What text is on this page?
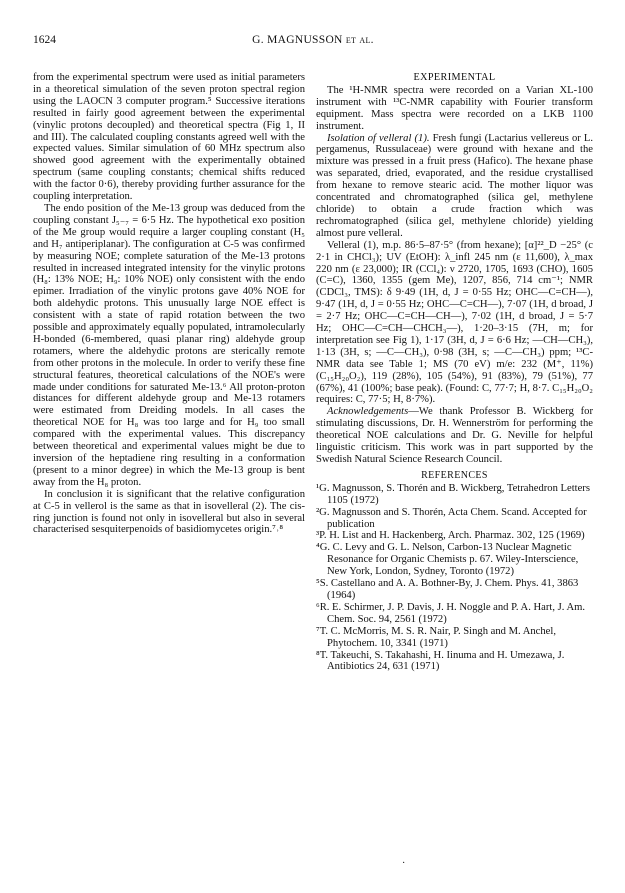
1624	G. MAGNUSSON et al.

from the experimental spectrum were used as initial parameters in a theoretical simulation of the seven proton spectral region using the LAOCN 3 computer program.⁵ Successive iterations resulted in fairly good agreement between the experimental (vinylic protons decoupled) and theoretical spectra (Fig 1, II and III). The calculated coupling constants agreed well with the expected values. Similar simulation of 60 MHz spectrum also showed good agreement with the experimentally obtained spectrum (same coupling constants; chemical shifts reduced with the factor 0·6), thereby providing further assurance for the coupling interpretation.

The endo position of the Me-13 group was deduced from the coupling constant J₅₋₇ = 6·5 Hz. The hypothetical exo position of the Me group would require a larger coupling constant (H₅ and H₇ antiperiplanar). The configuration at C-5 was confirmed by measuring NOE; complete saturation of the Me-13 protons resulted in increased integrated intensity for the vinylic protons (H₈: 13% NOE; H₉: 10% NOE) only consistent with the endo epimer. Irradiation of the vinylic protons gave 40% NOE for both aldehydic protons. This unusually large NOE effect is consistent with a state of rapid rotation between the two possible and approximately equally populated, intramolecularly H-bonded (6-membered, quasi planar ring) aldehyde group rotamers, where the aldehydic protons are sterically remote from other protons in the molecule. In order to verify these fine structural features, theoretical calculations of the NOE's were made under conditions for saturated Me-13.⁶ All proton-proton distances for different aldehyde group and Me-13 rotamers were estimated from Dreiding models. In all cases the theoretical NOE for H₈ was too large and for H₉ too small compared with the experimental values. This discrepancy between theoretical and experimental values might be due to inversion of the heptadiene ring resulting in a conformation (present to a minor degree) in which the Me-13 group is bent away from the H₈ proton.

In conclusion it is significant that the relative configuration at C-5 in vellerol is the same as that in isovelleral (2). The cis-ring junction is found not only in isovelleral but also in several characterised sesquiterpenoids of basidiomycetes origin.⁷˒⁸

EXPERIMENTAL

The ¹H-NMR spectra were recorded on a Varian XL-100 instrument with ¹³C-NMR capability with Fourier transform equipment. Mass spectra were recorded on a LKB 1100 instrument.

Isolation of velleral (1). Fresh fungi (Lactarius vellereus or L. pergamenus, Russulaceae) were ground with hexane and the mixture was pressed in a fruit press (Hafico). The hexane phase was separated, dried, evaporated, and the residue crystallised from hexane to remove stearic acid. The mother liquor was concentrated and chromatographed (silica gel, methylene chloride) to obtain a crude fraction which was rechromatographed (silica gel, methylene chloride) yielding almost pure velleral.

Velleral (1), m.p. 86·5–87·5° (from hexane); [α]²²_D −25° (c 2·1 in CHCl₃); UV (EtOH): λ_infl 245 nm (ε 11,600), λ_max 220 nm (ε 23,000); IR (CCl₄): ν 2720, 1705, 1693 (CHO), 1605 (C=C), 1360, 1355 (gem Me), 1207, 856, 714 cm⁻¹; NMR (CDCl₃, TMS): δ 9·49 (1H, d, J = 0·55 Hz; OHC—C=CH—), 9·47 (1H, d, J = 0·55 Hz; OHC—C=CH—), 7·07 (1H, d broad, J = 2·7 Hz; OHC—C=CH—CH—), 7·02 (1H, d broad, J = 5·7 Hz; OHC—C=CH—CHCH₃—), 1·20–3·15 (7H, m; for interpretation see Fig 1), 1·17 (3H, d, J = 6·6 Hz; —CH—CH₃), 1·13 (3H, s; —C—CH₃), 0·98 (3H, s; —C—CH₃) ppm; ¹³C-NMR data see Table 1; MS (70 eV) m/e: 232 (M⁺, 11%) (C₁₅H₂₀O₂), 119 (28%), 105 (54%), 91 (83%), 79 (51%), 77 (67%), 41 (100%; base peak). (Found: C, 77·7; H, 8·7. C₁₅H₂₀O₂ requires: C, 77·5; H, 8·7%).

Acknowledgements—We thank Professor B. Wickberg for stimulating discussions, Dr. H. Wennerström for performing the theoretical NOE calculations and Dr. G. Neville for helpful linguistic criticism. This work was in part supported by the Swedish Natural Science Research Council.

REFERENCES
¹G. Magnusson, S. Thorén and B. Wickberg, Tetrahedron Letters 1105 (1972)
²G. Magnusson and S. Thorén, Acta Chem. Scand. Accepted for publication
³P. H. List and H. Hackenberg, Arch. Pharmaz. 302, 125 (1969)
⁴G. C. Levy and G. L. Nelson, Carbon-13 Nuclear Magnetic Resonance for Organic Chemists p. 67. Wiley-Interscience, New York, London, Sydney, Toronto (1972)
⁵S. Castellano and A. A. Bothner-By, J. Chem. Phys. 41, 3863 (1964)
⁶R. E. Schirmer, J. P. Davis, J. H. Noggle and P. A. Hart, J. Am. Chem. Soc. 94, 2561 (1972)
⁷T. C. McMorris, M. S. R. Nair, P. Singh and M. Anchel, Phytochem. 10, 3341 (1971)
⁸T. Takeuchi, S. Takahashi, H. Iinuma and H. Umezawa, J. Antibiotics 24, 631 (1971)
·
